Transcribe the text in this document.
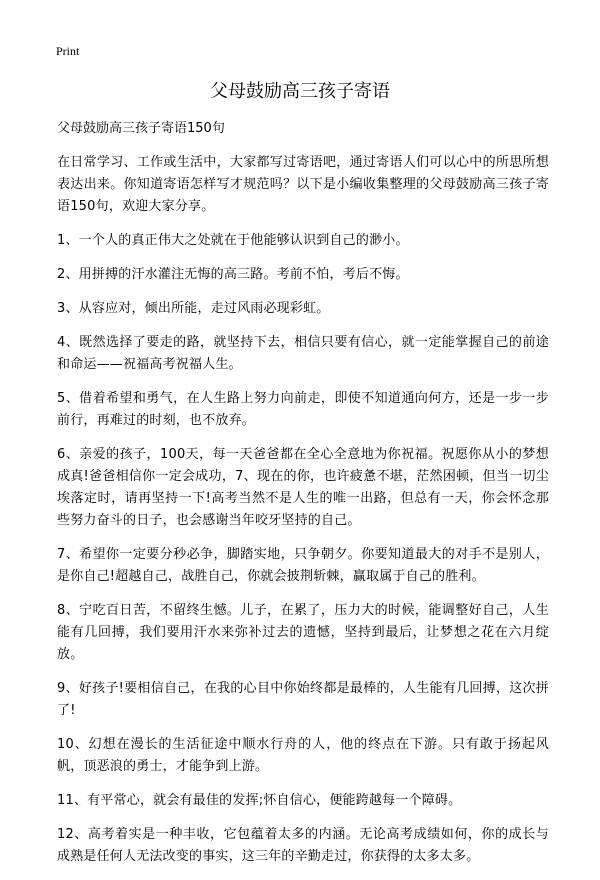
Print
父母鼓励高三孩子寄语

父母鼓励高三孩子寄语150句

在日常学习、工作或生活中，大家都写过寄语吧，通过寄语人们可以心中的所思所想表达出来。你知道寄语怎样写才规范吗？以下是小编收集整理的父母鼓励高三孩子寄语150句，欢迎大家分享。

1、一个人的真正伟大之处就在于他能够认识到自己的渺小。

2、用拼搏的汗水灌注无悔的高三路。考前不怕，考后不悔。

3、从容应对，倾出所能，走过风雨必现彩虹。

4、既然选择了要走的路，就坚持下去，相信只要有信心，就一定能掌握自己的前途和命运——祝福高考祝福人生。

5、借着希望和勇气，在人生路上努力向前走，即使不知道通向何方，还是一步一步前行，再难过的时刻，也不放弃。

6、亲爱的孩子，100天，每一天爸爸都在全心全意地为你祝福。祝愿你从小的梦想成真!爸爸相信你一定会成功，7、现在的你，也许疲惫不堪，茫然困顿，但当一切尘埃落定时，请再坚持一下!高考当然不是人生的唯一出路，但总有一天，你会怀念那些努力奋斗的日子，也会感谢当年咬牙坚持的自己。

7、希望你一定要分秒必争，脚踏实地，只争朝夕。你要知道最大的对手不是别人，是你自己!超越自己，战胜自己，你就会披荆斩棘，赢取属于自己的胜利。

8、宁吃百日苦，不留终生憾。儿子，在累了，压力大的时候，能调整好自己，人生能有几回搏，我们要用汗水来弥补过去的遗憾，坚持到最后，让梦想之花在六月绽放。

9、好孩子!要相信自己，在我的心目中你始终都是最棒的，人生能有几回搏，这次拼了!

10、幻想在漫长的生活征途中顺水行舟的人，他的终点在下游。只有敢于扬起风帆，顶恶浪的勇士，才能争到上游。

11、有平常心，就会有最佳的发挥;怀自信心，便能跨越每一个障碍。

12、高考着实是一种丰收，它包蕴着太多的内涵。无论高考成绩如何，你的成长与成熟是任何人无法改变的事实，这三年的辛勤走过，你获得的太多太多。
